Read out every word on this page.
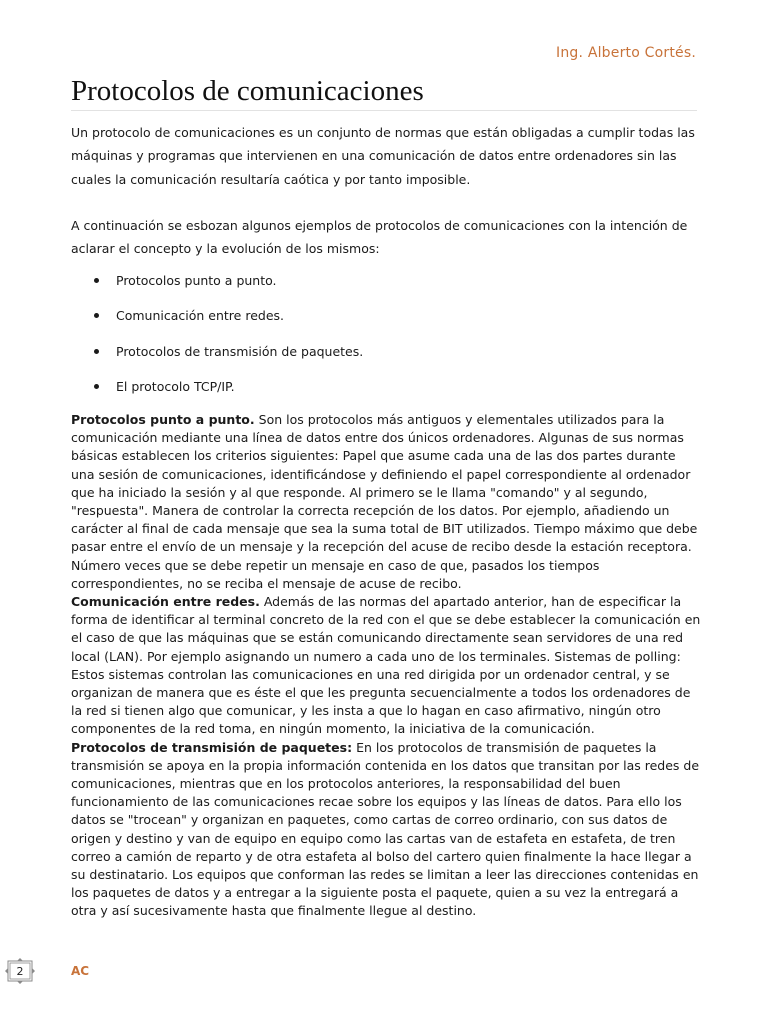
Ing. Alberto Cortés.
Protocolos de comunicaciones

Un protocolo de comunicaciones es un conjunto de normas que están obligadas a cumplir todas las máquinas y programas que intervienen en una comunicación de datos entre ordenadores sin las cuales la comunicación resultaría caótica y por tanto imposible.

A continuación se esbozan algunos ejemplos de protocolos de comunicaciones con la intención de aclarar el concepto y la evolución de los mismos:

Protocolos punto a punto.
Comunicación entre redes.
Protocolos de transmisión de paquetes.
El protocolo TCP/IP.

Protocolos punto a punto. Son los protocolos más antiguos y elementales utilizados para la comunicación mediante una línea de datos entre dos únicos ordenadores. Algunas de sus normas básicas establecen los criterios siguientes: Papel que asume cada una de las dos partes durante una sesión de comunicaciones, identificándose y definiendo el papel correspondiente al ordenador que ha iniciado la sesión y al que responde. Al primero se le llama "comando" y al segundo, "respuesta". Manera de controlar la correcta recepción de los datos. Por ejemplo, añadiendo un carácter al final de cada mensaje que sea la suma total de BIT utilizados. Tiempo máximo que debe pasar entre el envío de un mensaje y la recepción del acuse de recibo desde la estación receptora. Número veces que se debe repetir un mensaje en caso de que, pasados los tiempos correspondientes, no se reciba el mensaje de acuse de recibo.

Comunicación entre redes. Además de las normas del apartado anterior, han de especificar la forma de identificar al terminal concreto de la red con el que se debe establecer la comunicación en el caso de que las máquinas que se están comunicando directamente sean servidores de una red local (LAN). Por ejemplo asignando un numero a cada uno de los terminales. Sistemas de polling: Estos sistemas controlan las comunicaciones en una red dirigida por un ordenador central, y se organizan de manera que es éste el que les pregunta secuencialmente a todos los ordenadores de la red si tienen algo que comunicar, y les insta a que lo hagan en caso afirmativo, ningún otro componentes de la red toma, en ningún momento, la iniciativa de la comunicación.

Protocolos de transmisión de paquetes: En los protocolos de transmisión de paquetes la transmisión se apoya en la propia información contenida en los datos que transitan por las redes de comunicaciones, mientras que en los protocolos anteriores, la responsabilidad del buen funcionamiento de las comunicaciones recae sobre los equipos y las líneas de datos. Para ello los datos se "trocean" y organizan en paquetes, como cartas de correo ordinario, con sus datos de origen y destino y van de equipo en equipo como las cartas van de estafeta en estafeta, de tren correo a camión de reparto y de otra estafeta al bolso del cartero quien finalmente la hace llegar a su destinatario. Los equipos que conforman las redes se limitan a leer las direcciones contenidas en los paquetes de datos y a entregar a la siguiente posta el paquete, quien a su vez la entregará a otra y así sucesivamente hasta que finalmente llegue al destino.

2	AC
